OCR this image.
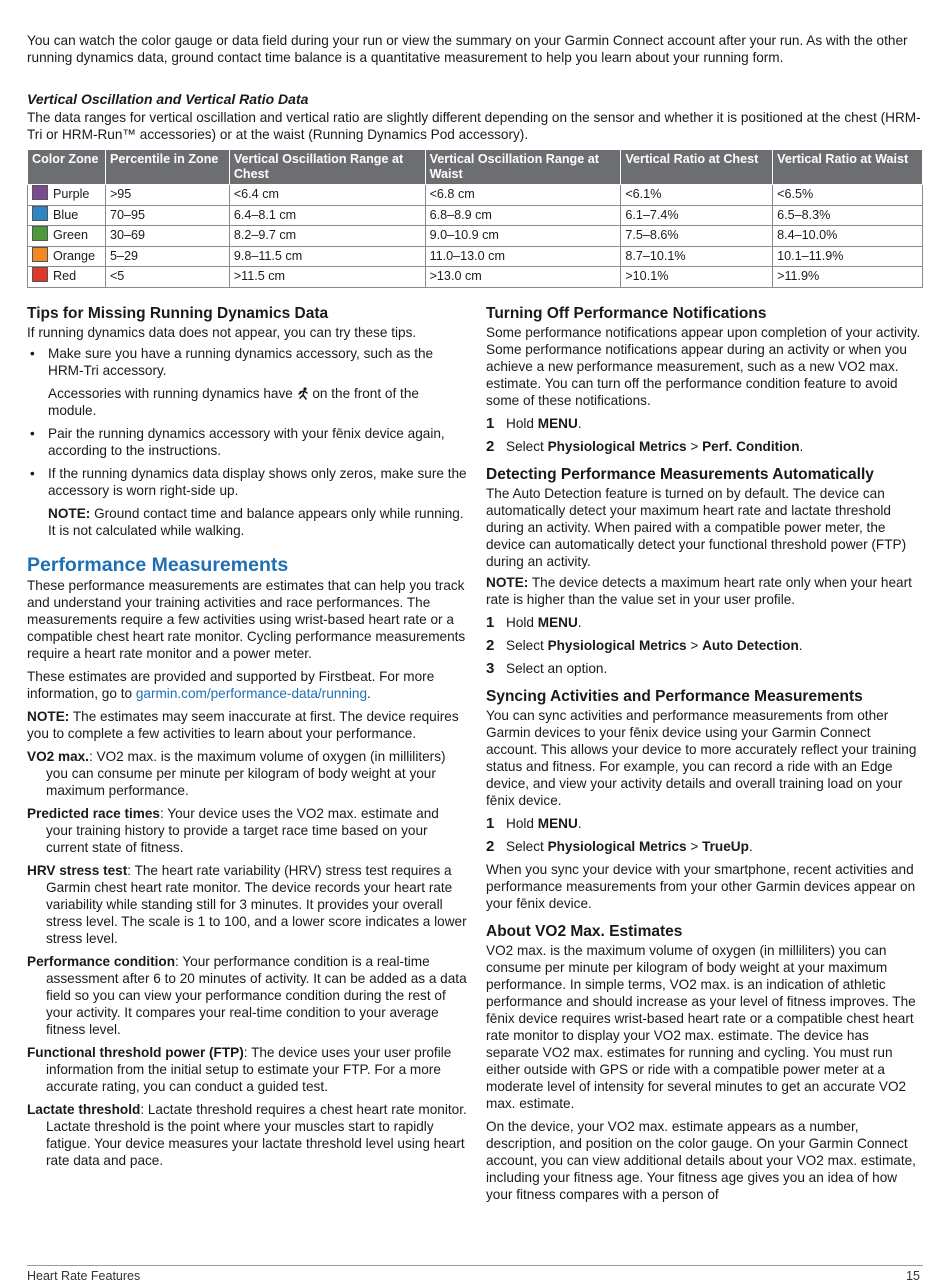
You can watch the color gauge or data field during your run or view the summary on your Garmin Connect account after your run. As with the other running dynamics data, ground contact time balance is a quantitative measurement to help you learn about your running form.

Vertical Oscillation and Vertical Ratio Data

The data ranges for vertical oscillation and vertical ratio are slightly different depending on the sensor and whether it is positioned at the chest (HRM-Tri or HRM-Run™ accessories) or at the waist (Running Dynamics Pod accessory).

Color Zone	Percentile in Zone	Vertical Oscillation Range at Chest	Vertical Oscillation Range at Waist	Vertical Ratio at Chest	Vertical Ratio at Waist
Purple	>95	<6.4 cm	<6.8 cm	<6.1%	<6.5%
Blue	70–95	6.4–8.1 cm	6.8–8.9 cm	6.1–7.4%	6.5–8.3%
Green	30–69	8.2–9.7 cm	9.0–10.9 cm	7.5–8.6%	8.4–10.0%
Orange	5–29	9.8–11.5 cm	11.0–13.0 cm	8.7–10.1%	10.1–11.9%
Red	<5	>11.5 cm	>13.0 cm	>10.1%	>11.9%
Tips for Missing Running Dynamics Data

If running dynamics data does not appear, you can try these tips.

• Make sure you have a running dynamics accessory, such as the HRM-Tri accessory.

Accessories with running dynamics have on the front of the module.

• Pair the running dynamics accessory with your fēnix device again, according to the instructions.

• If the running dynamics data display shows only zeros, make sure the accessory is worn right-side up.

NOTE: Ground contact time and balance appears only while running. It is not calculated while walking.

Performance Measurements

These performance measurements are estimates that can help you track and understand your training activities and race performances. The measurements require a few activities using wrist-based heart rate or a compatible chest heart rate monitor. Cycling performance measurements require a heart rate monitor and a power meter.

These estimates are provided and supported by Firstbeat. For more information, go to garmin.com/performance-data/running.

NOTE: The estimates may seem inaccurate at first. The device requires you to complete a few activities to learn about your performance.

VO2 max.: VO2 max. is the maximum volume of oxygen (in milliliters) you can consume per minute per kilogram of body weight at your maximum performance.

Predicted race times: Your device uses the VO2 max. estimate and your training history to provide a target race time based on your current state of fitness.

HRV stress test: The heart rate variability (HRV) stress test requires a Garmin chest heart rate monitor. The device records your heart rate variability while standing still for 3 minutes. It provides your overall stress level. The scale is 1 to 100, and a lower score indicates a lower stress level.

Performance condition: Your performance condition is a real-time assessment after 6 to 20 minutes of activity. It can be added as a data field so you can view your performance condition during the rest of your activity. It compares your real-time condition to your average fitness level.

Functional threshold power (FTP): The device uses your user profile information from the initial setup to estimate your FTP. For a more accurate rating, you can conduct a guided test.

Lactate threshold: Lactate threshold requires a chest heart rate monitor. Lactate threshold is the point where your muscles start to rapidly fatigue. Your device measures your lactate threshold level using heart rate data and pace.

Turning Off Performance Notifications

Some performance notifications appear upon completion of your activity. Some performance notifications appear during an activity or when you achieve a new performance measurement, such as a new VO2 max. estimate. You can turn off the performance condition feature to avoid some of these notifications.

1 Hold MENU.

2 Select Physiological Metrics > Perf. Condition.

Detecting Performance Measurements Automatically

The Auto Detection feature is turned on by default. The device can automatically detect your maximum heart rate and lactate threshold during an activity. When paired with a compatible power meter, the device can automatically detect your functional threshold power (FTP) during an activity.

NOTE: The device detects a maximum heart rate only when your heart rate is higher than the value set in your user profile.

1 Hold MENU.

2 Select Physiological Metrics > Auto Detection.

3 Select an option.

Syncing Activities and Performance Measurements

You can sync activities and performance measurements from other Garmin devices to your fēnix device using your Garmin Connect account. This allows your device to more accurately reflect your training status and fitness. For example, you can record a ride with an Edge device, and view your activity details and overall training load on your fēnix device.

1 Hold MENU.

2 Select Physiological Metrics > TrueUp.

When you sync your device with your smartphone, recent activities and performance measurements from your other Garmin devices appear on your fēnix device.

About VO2 Max. Estimates

VO2 max. is the maximum volume of oxygen (in milliliters) you can consume per minute per kilogram of body weight at your maximum performance. In simple terms, VO2 max. is an indication of athletic performance and should increase as your level of fitness improves. The fēnix device requires wrist-based heart rate or a compatible chest heart rate monitor to display your VO2 max. estimate. The device has separate VO2 max. estimates for running and cycling. You must run either outside with GPS or ride with a compatible power meter at a moderate level of intensity for several minutes to get an accurate VO2 max. estimate.

On the device, your VO2 max. estimate appears as a number, description, and position on the color gauge. On your Garmin Connect account, you can view additional details about your VO2 max. estimate, including your fitness age. Your fitness age gives you an idea of how your fitness compares with a person of

Heart Rate Features	15
